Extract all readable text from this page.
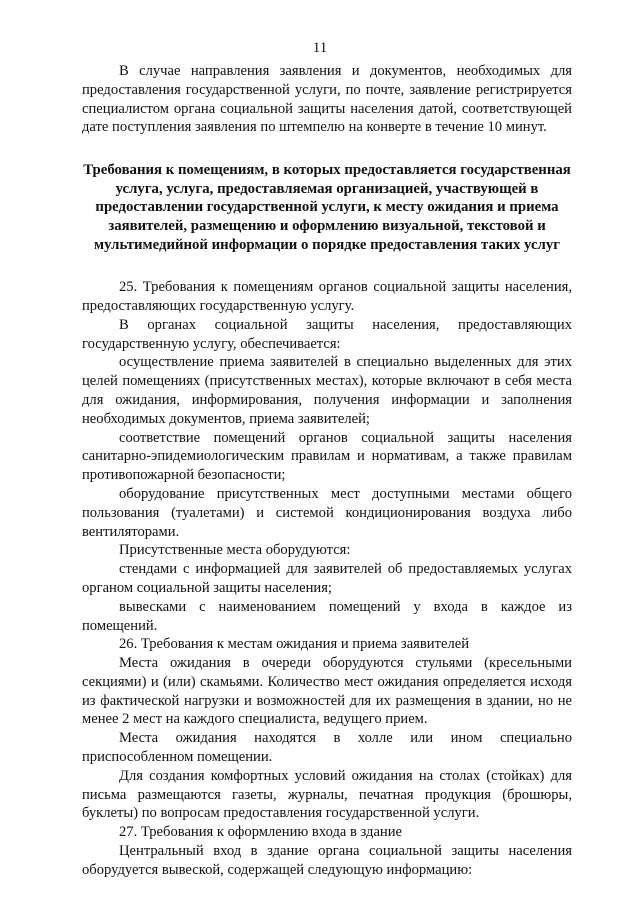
11

В случае направления заявления и документов, необходимых для предоставления государственной услуги, по почте, заявление регистрируется специалистом органа социальной защиты населения датой, соответствующей дате поступления заявления по штемпелю на конверте в течение 10 минут.

Требования к помещениям, в которых предоставляется государственная услуга, услуга, предоставляемая организацией, участвующей в предоставлении государственной услуги, к месту ожидания и приема заявителей, размещению и оформлению визуальной, текстовой и мультимедийной информации о порядке предоставления таких услуг

25. Требования к помещениям органов социальной защиты населения, предоставляющих государственную услугу.

В органах социальной защиты населения, предоставляющих государственную услугу, обеспечивается:

осуществление приема заявителей в специально выделенных для этих целей помещениях (присутственных местах), которые включают в себя места для ожидания, информирования, получения информации и заполнения необходимых документов, приема заявителей;

соответствие помещений органов социальной защиты населения санитарно-эпидемиологическим правилам и нормативам, а также правилам противопожарной безопасности;

оборудование присутственных мест доступными местами общего пользования (туалетами) и системой кондиционирования воздуха либо вентиляторами.

Присутственные места оборудуются:

стендами с информацией для заявителей об предоставляемых услугах органом социальной защиты населения;

вывесками с наименованием помещений у входа в каждое из помещений.

26. Требования к местам ожидания и приема заявителей

Места ожидания в очереди оборудуются стульями (кресельными секциями) и (или) скамьями. Количество мест ожидания определяется исходя из фактической нагрузки и возможностей для их размещения в здании, но не менее 2 мест на каждого специалиста, ведущего прием.

Места ожидания находятся в холле или ином специально приспособленном помещении.

Для создания комфортных условий ожидания на столах (стойках) для письма размещаются газеты, журналы, печатная продукция (брошюры, буклеты) по вопросам предоставления государственной услуги.

27. Требования к оформлению входа в здание

Центральный вход в здание органа социальной защиты населения оборудуется вывеской, содержащей следующую информацию:
